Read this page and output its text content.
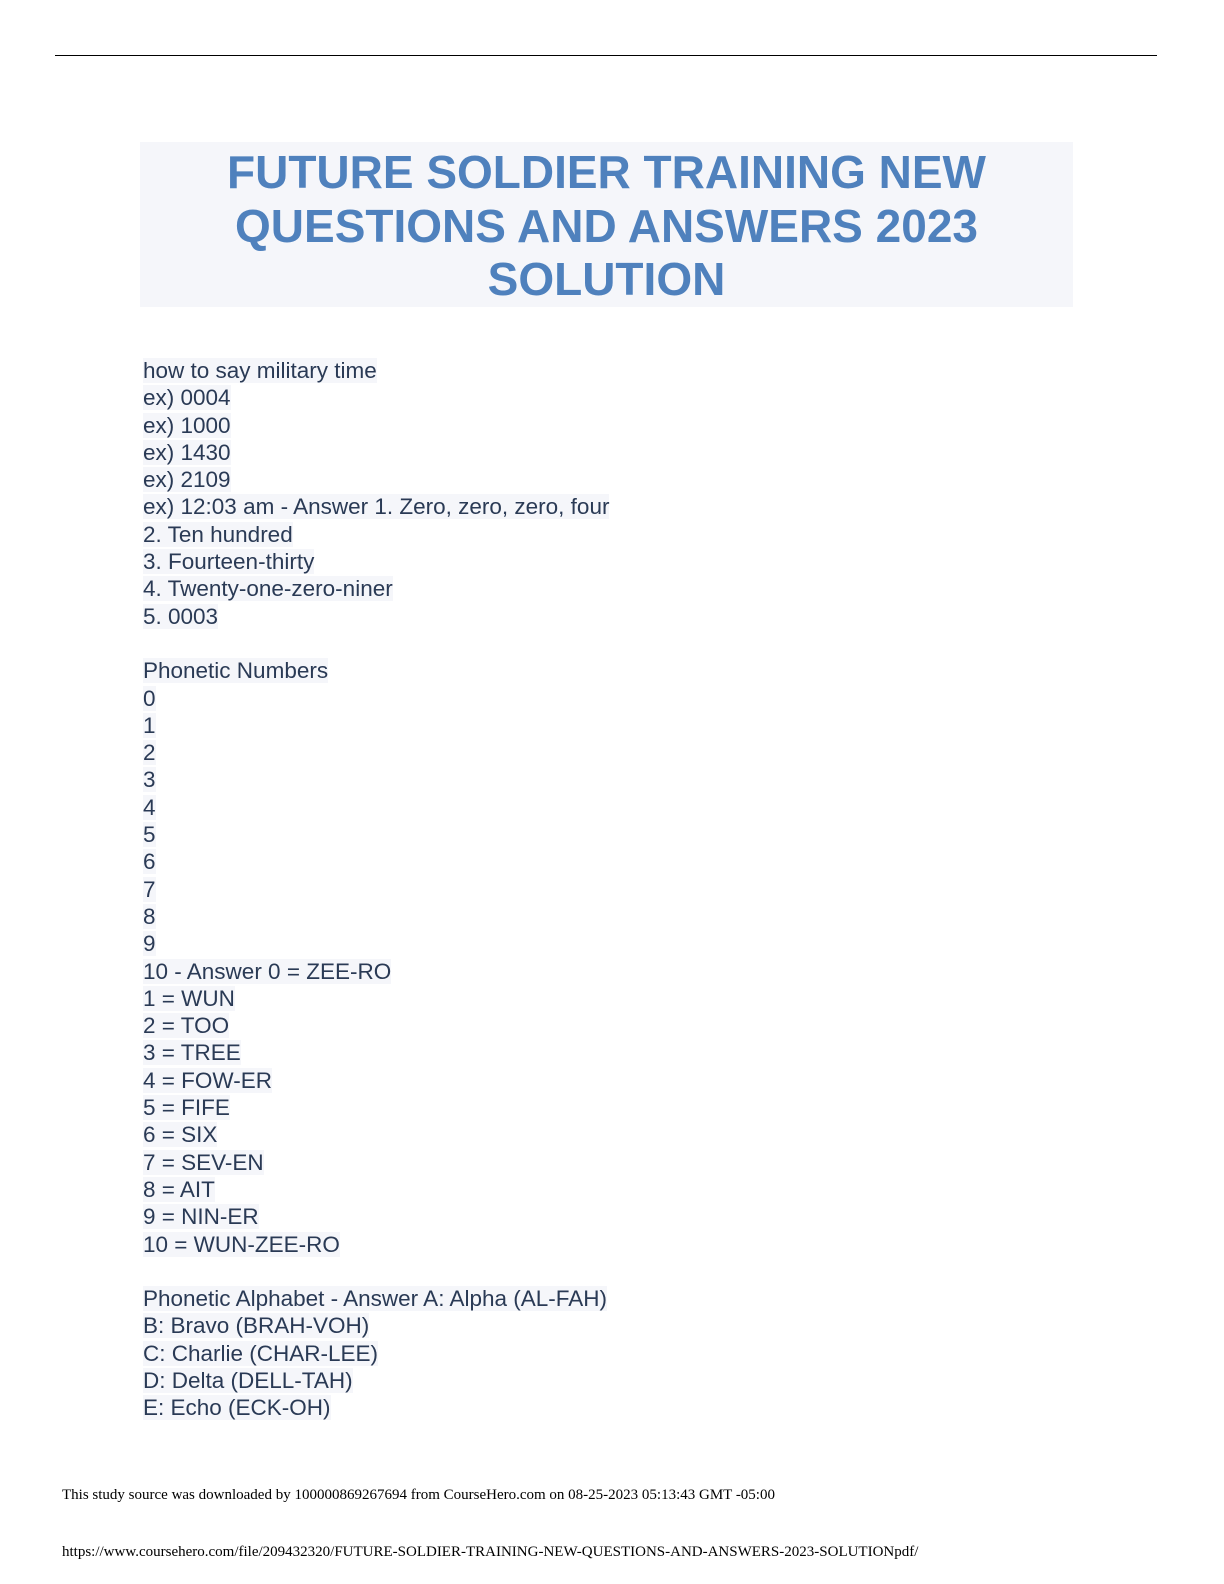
FUTURE SOLDIER TRAINING NEW QUESTIONS AND ANSWERS 2023 SOLUTION
how to say military time
ex) 0004
ex) 1000
ex) 1430
ex) 2109
ex) 12:03 am - Answer 1. Zero, zero, zero, four
2. Ten hundred
3. Fourteen-thirty
4. Twenty-one-zero-niner
5. 0003
Phonetic Numbers
0
1
2
3
4
5
6
7
8
9
10 - Answer 0 = ZEE-RO
1 = WUN
2 = TOO
3 = TREE
4 = FOW-ER
5 = FIFE
6 = SIX
7 = SEV-EN
8 = AIT
9 = NIN-ER
10 = WUN-ZEE-RO
Phonetic Alphabet - Answer A: Alpha (AL-FAH)
B: Bravo (BRAH-VOH)
C: Charlie (CHAR-LEE)
D: Delta (DELL-TAH)
E: Echo (ECK-OH)
This study source was downloaded by 100000869267694 from CourseHero.com on 08-25-2023 05:13:43 GMT -05:00
https://www.coursehero.com/file/209432320/FUTURE-SOLDIER-TRAINING-NEW-QUESTIONS-AND-ANSWERS-2023-SOLUTIONpdf/
